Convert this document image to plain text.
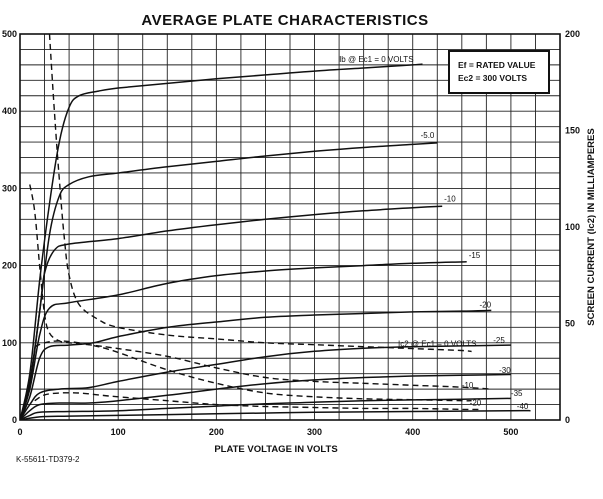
AVERAGE PLATE CHARACTERISTICS
0
100
200
300
400
500
0
50
100
150
200
0	100	200	300	400	500
Ib @ Ec1 = 0 VOLTS
-5.0
-10
-15
-20
-25
-30
-35
-40
Ic2 @ Ec1 = 0 VOLTS
-10
-20
Ef = RATED VALUE
Ec2 = 300 VOLTS
PLATE VOLTAGE IN VOLTS
SCREEN CURRENT (Ic2) IN MILLIAMPERES
K-55611-TD379-2
